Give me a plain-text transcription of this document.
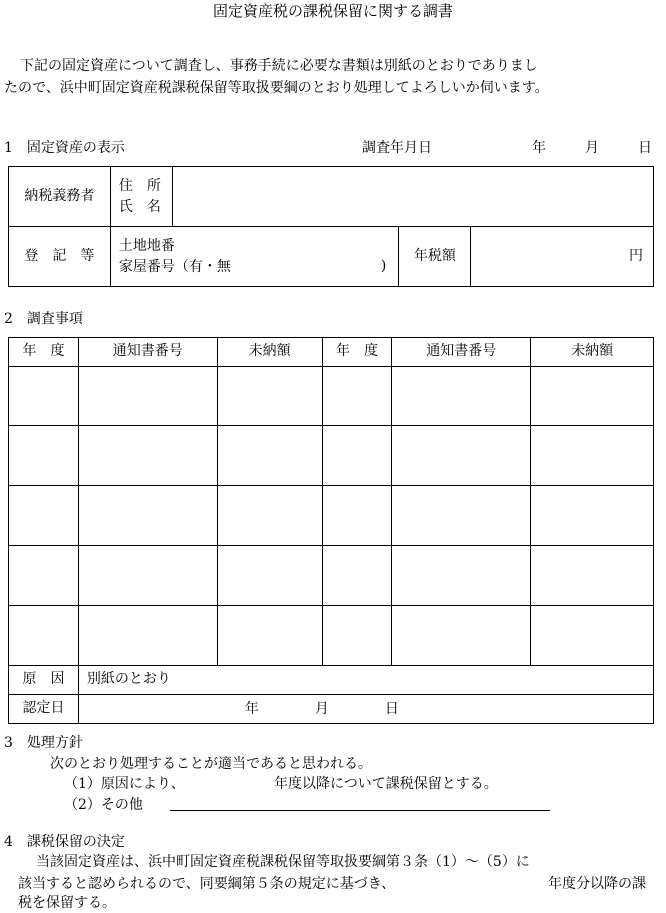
固定資産税の課税保留に関する調書
下記の固定資産について調査し、事務手続に必要な書類は別紙のとおりでありまし
たので、浜中町固定資産税課税保留等取扱要綱のとおり処理してよろしいか伺います。
1　固定資産の表示	調査年月日	年	月	日
納税義務者	住　所
氏　名			

登　記　等	土地地番
家屋番号（有・無 )		年税額	円
2　調査事項
年　度	通知書番号	未納額	年　度	通知書番号	未納額

原　因	別紙のとおり				
認定日	年 月 日				
3　処理方針
次のとおり処理することが適当であると思われる。
（1）原因により、	年度以降について課税保留とする。
（2）その他
4　課税保留の決定
当該固定資産は、浜中町固定資産税課税保留等取扱要綱第３条（1）～（5）に
該当すると認められるので、同要綱第５条の規定に基づき、	年度分以降の課
税を保留する。
